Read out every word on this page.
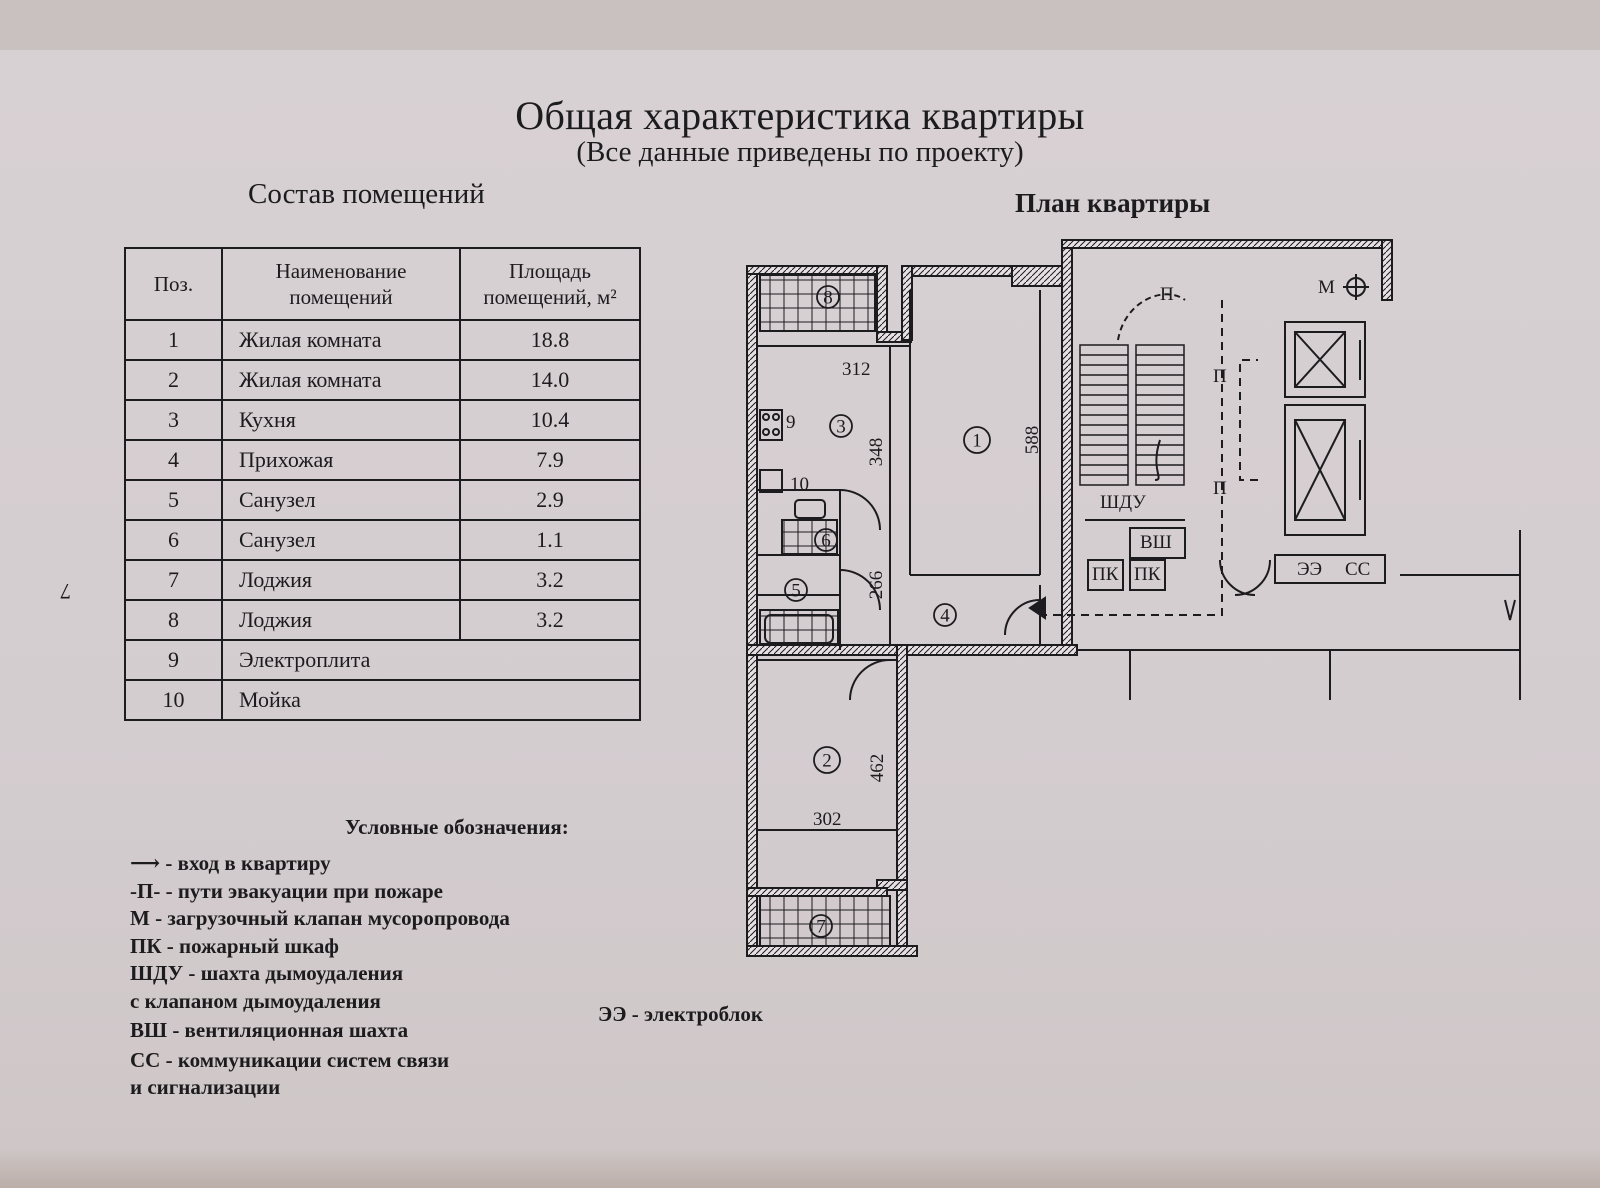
Общая характеристика квартиры
(Все данные приведены по проекту)
Состав помещений	План квартиры
7
Поз.	Наименование помещений	Площадь помещений, м²
1	Жилая комната	18.8
2	Жилая комната	14.0
3	Кухня	10.4
4	Прихожая	7.9
5	Санузел	2.9
6	Санузел	1.1
7	Лоджия	3.2
8	Лоджия	3.2
9	Электроплита	
10	Мойка	
Условные обозначения:
⟶ - вход в квартиру
-П- - пути эвакуации при пожаре
М - загрузочный клапан мусоропровода
ПК - пожарный шкаф
ШДУ - шахта дымоудаления
с клапаном дымоудаления
ВШ - вентиляционная шахта
СС - коммуникации систем связи
и сигнализации
ЭЭ - электроблок
1
2
3
4
5
6
7
8
312
588
348
266
462
302
9
10
М
П
П
П
ШДУ
ВШ
ПК ПК	ЭЭ СС
